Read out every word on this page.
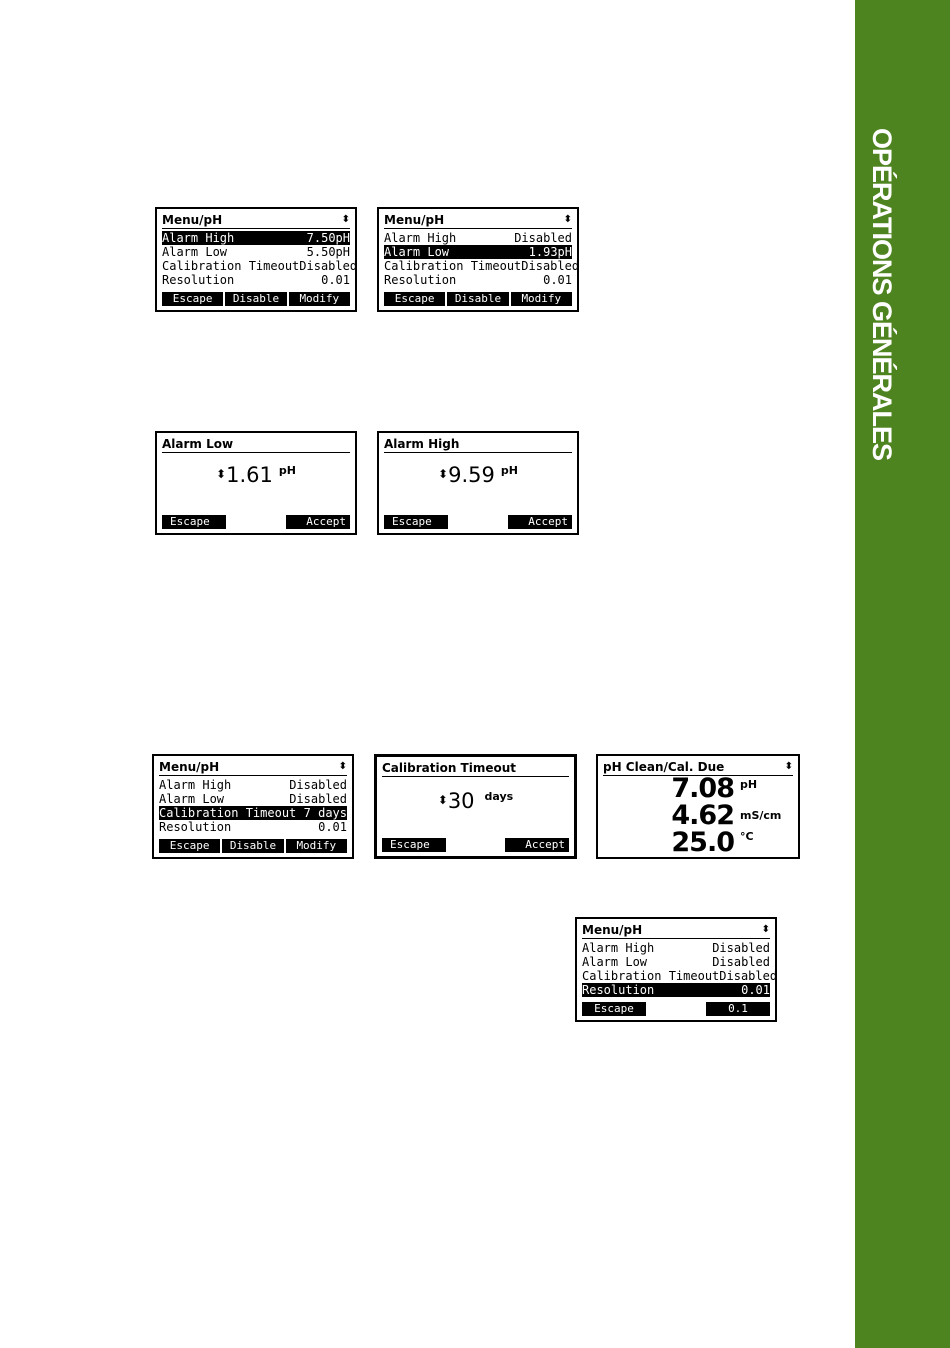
OPÉRATIONS GÉNÉRALES
Menu/pH	⬍
Alarm High	7.50pH
Alarm Low	5.50pH
Calibration Timeout Disabled
Resolution	0.01
Escape	Disable	Modify
Menu/pH	⬍
Alarm High	Disabled
Alarm Low	1.93pH
Calibration Timeout Disabled
Resolution	0.01
Escape	Disable	Modify
Alarm Low
⬍1.61 pH
Escape	Accept
Alarm High
⬍9.59 pH
Escape	Accept
Menu/pH	⬍
Alarm High	Disabled
Alarm Low	Disabled
Calibration Timeout 7 days
Resolution	0.01
Escape	Disable	Modify
Calibration Timeout
⬍30 days
Escape	Accept
pH Clean/Cal. Due	⬍
7.08 pH
4.62 mS/cm
25.0 °C
Menu/pH	⬍
Alarm High	Disabled
Alarm Low	Disabled
Calibration Timeout Disabled
Resolution	0.01
Escape	0.1
